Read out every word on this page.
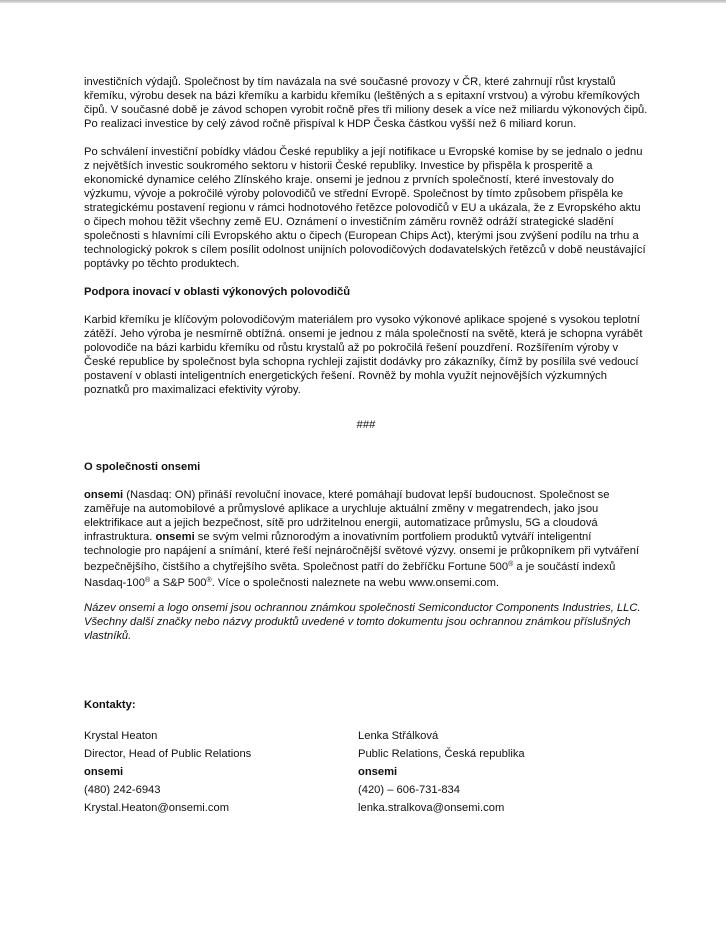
investičních výdajů. Společnost by tím navázala na své současné provozy v ČR, které zahrnují růst krystalů křemíku, výrobu desek na bázi křemíku a karbidu křemíku (leštěných a s epitaxní vrstvou) a výrobu křemíkových čipů. V současné době je závod schopen vyrobit ročně přes tři miliony desek a více než miliardu výkonových čipů. Po realizaci investice by celý závod ročně přispíval k HDP Česka částkou vyšší než 6 miliard korun.

Po schválení investiční pobídky vládou České republiky a její notifikace u Evropské komise by se jednalo o jednu z největších investic soukromého sektoru v historii České republiky. Investice by přispěla k prosperitě a ekonomické dynamice celého Zlínského kraje. onsemi je jednou z prvních společností, které investovaly do výzkumu, vývoje a pokročilé výroby polovodičů ve střední Evropě. Společnost by tímto způsobem přispěla ke strategickému postavení regionu v rámci hodnotového řetězce polovodičů v EU a ukázala, že z Evropského aktu o čipech mohou těžit všechny země EU. Oznámení o investičním záměru rovněž odráží strategické sladění společnosti s hlavními cíli Evropského aktu o čipech (European Chips Act), kterými jsou zvýšení podílu na trhu a technologický pokrok s cílem posílit odolnost unijních polovodičových dodavatelských řetězců v době neustávající poptávky po těchto produktech.

Podpora inovací v oblasti výkonových polovodičů

Karbid křemíku je klíčovým polovodičovým materiálem pro vysoko výkonové aplikace spojené s vysokou teplotní zátěží. Jeho výroba je nesmírně obtížná. onsemi je jednou z mála společností na světě, která je schopna vyrábět polovodiče na bázi karbidu křemíku od růstu krystalů až po pokročilá řešení pouzdření. Rozšířením výroby v České republice by společnost byla schopna rychleji zajistit dodávky pro zákazníky, čímž by posílila své vedoucí postavení v oblasti inteligentních energetických řešení. Rovněž by mohla využít nejnovějších výzkumných poznatků pro maximalizaci efektivity výroby.

###

O společnosti onsemi

onsemi (Nasdaq: ON) přináší revoluční inovace, které pomáhají budovat lepší budoucnost. Společnost se zaměřuje na automobilové a průmyslové aplikace a urychluje aktuální změny v megatrendech, jako jsou elektrifikace aut a jejich bezpečnost, sítě pro udržitelnou energii, automatizace průmyslu, 5G a cloudová infrastruktura. onsemi se svým velmi různorodým a inovativním portfoliem produktů vytváří inteligentní technologie pro napájení a snímání, které řeší nejnáročnější světové výzvy. onsemi je průkopníkem při vytváření bezpečnějšího, čistšího a chytřejšího světa. Společnost patří do žebříčku Fortune 500® a je součástí indexů Nasdaq-100® a S&P 500®. Více o společnosti naleznete na webu www.onsemi.com.

Název onsemi a logo onsemi jsou ochrannou známkou společnosti Semiconductor Components Industries, LLC. Všechny další značky nebo názvy produktů uvedené v tomto dokumentu jsou ochrannou známkou příslušných vlastníků.

Kontakty:

Krystal Heaton
Director, Head of Public Relations
onsemi
(480) 242-6943
Krystal.Heaton@onsemi.com
Lenka Střálková
Public Relations, Česká republika
onsemi
(420) – 606-731-834
lenka.stralkova@onsemi.com
